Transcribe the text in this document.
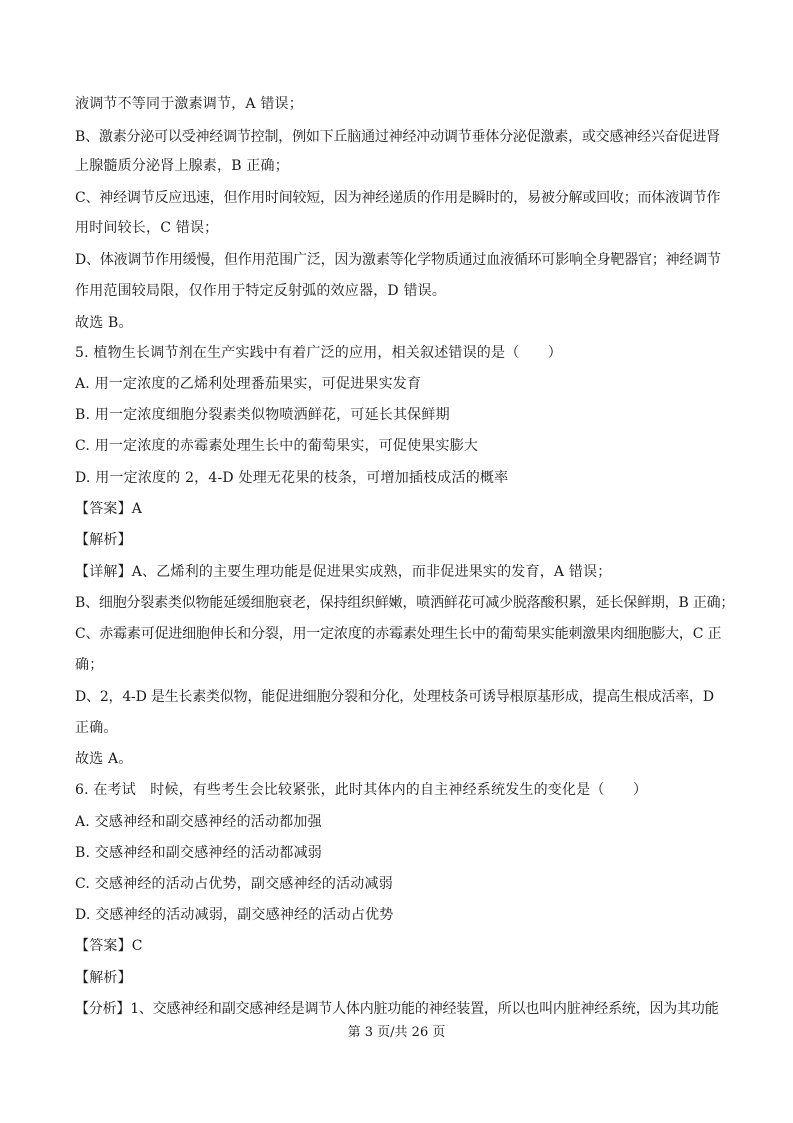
液调节不等同于激素调节，A 错误；
B、激素分泌可以受神经调节控制，例如下丘脑通过神经冲动调节垂体分泌促激素，或交感神经兴奋促进肾
上腺髓质分泌肾上腺素，B 正确；
C、神经调节反应迅速，但作用时间较短，因为神经递质的作用是瞬时的，易被分解或回收；而体液调节作
用时间较长，C 错误；
D、体液调节作用缓慢，但作用范围广泛，因为激素等化学物质通过血液循环可影响全身靶器官；神经调节
作用范围较局限，仅作用于特定反射弧的效应器，D 错误。
故选 B。
5. 植物生长调节剂在生产实践中有着广泛的应用，相关叙述错误的是（　　）
A. 用一定浓度的乙烯利处理番茄果实，可促进果实发育
B. 用一定浓度细胞分裂素类似物喷洒鲜花，可延长其保鲜期
C. 用一定浓度的赤霉素处理生长中的葡萄果实，可促使果实膨大
D. 用一定浓度的 2，4-D 处理无花果的枝条，可增加插枝成活的概率
【答案】A
【解析】
【详解】A、乙烯利的主要生理功能是促进果实成熟，而非促进果实的发育，A 错误；
B、细胞分裂素类似物能延缓细胞衰老，保持组织鲜嫩，喷洒鲜花可减少脱落酸积累，延长保鲜期，B 正确；
C、赤霉素可促进细胞伸长和分裂，用一定浓度的赤霉素处理生长中的葡萄果实能刺激果肉细胞膨大，C 正
确；
D、2，4-D 是生长素类似物，能促进细胞分裂和分化，处理枝条可诱导根原基形成，提高生根成活率，D
正确。
故选 A。
6. 在考试　时候，有些考生会比较紧张，此时其体内的自主神经系统发生的变化是（　　）
A. 交感神经和副交感神经的活动都加强
B. 交感神经和副交感神经的活动都减弱
C. 交感神经的活动占优势，副交感神经的活动减弱
D. 交感神经的活动减弱，副交感神经的活动占优势
【答案】C
【解析】
【分析】1、交感神经和副交感神经是调节人体内脏功能的神经装置，所以也叫内脏神经系统，因为其功能
第 3 页/共 26 页
